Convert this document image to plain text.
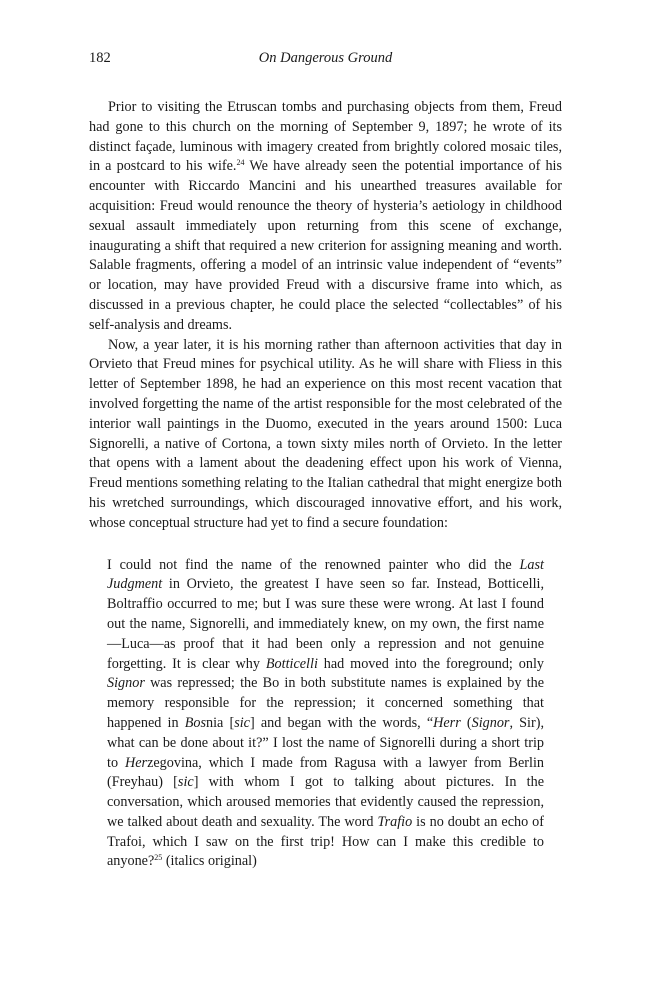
182	On Dangerous Ground

Prior to visiting the Etruscan tombs and purchasing objects from them, Freud had gone to this church on the morning of September 9, 1897; he wrote of its distinct façade, luminous with imagery created from brightly colored mosaic tiles, in a postcard to his wife.$^{24}$ We have already seen the potential importance of his encounter with Riccardo Mancini and his unearthed treasures available for acquisition: Freud would renounce the theory of hysteria’s aetiology in childhood sexual assault immediately upon returning from this scene of exchange, inaugurating a shift that required a new criterion for assigning meaning and worth. Salable fragments, offering a model of an intrinsic value independent of “events” or location, may have provided Freud with a discursive frame into which, as discussed in a previous chapter, he could place the selected “collectables” of his self-analysis and dreams.

Now, a year later, it is his morning rather than afternoon activities that day in Orvieto that Freud mines for psychical utility. As he will share with Fliess in this letter of September 1898, he had an experience on this most recent vacation that involved forgetting the name of the artist responsible for the most celebrated of the interior wall paintings in the Duomo, executed in the years around 1500: Luca Signorelli, a native of Cortona, a town sixty miles north of Orvieto. In the letter that opens with a lament about the deadening effect upon his work of Vienna, Freud mentions something relating to the Italian cathedral that might energize both his wretched surroundings, which discouraged innovative effort, and his work, whose conceptual structure had yet to find a secure foundation:

I could not find the name of the renowned painter who did the Last Judgment in Orvieto, the greatest I have seen so far. Instead, Botticelli, Boltraffio occurred to me; but I was sure these were wrong. At last I found out the name, Signorelli, and immediately knew, on my own, the first name—Luca—as proof that it had been only a repression and not genuine forgetting. It is clear why Botticelli had moved into the foreground; only Signor was repressed; the Bo in both substitute names is explained by the memory responsible for the repression; it concerned something that happened in Bosnia [sic] and began with the words, “Herr (Signor, Sir), what can be done about it?” I lost the name of Signorelli during a short trip to Herzegovina, which I made from Ragusa with a lawyer from Berlin (Freyhau) [sic] with whom I got to talking about pictures. In the conversation, which aroused memories that evidently caused the repression, we talked about death and sexuality. The word Trafio is no doubt an echo of Trafoi, which I saw on the first trip! How can I make this credible to anyone?$^{25}$ (italics original)
